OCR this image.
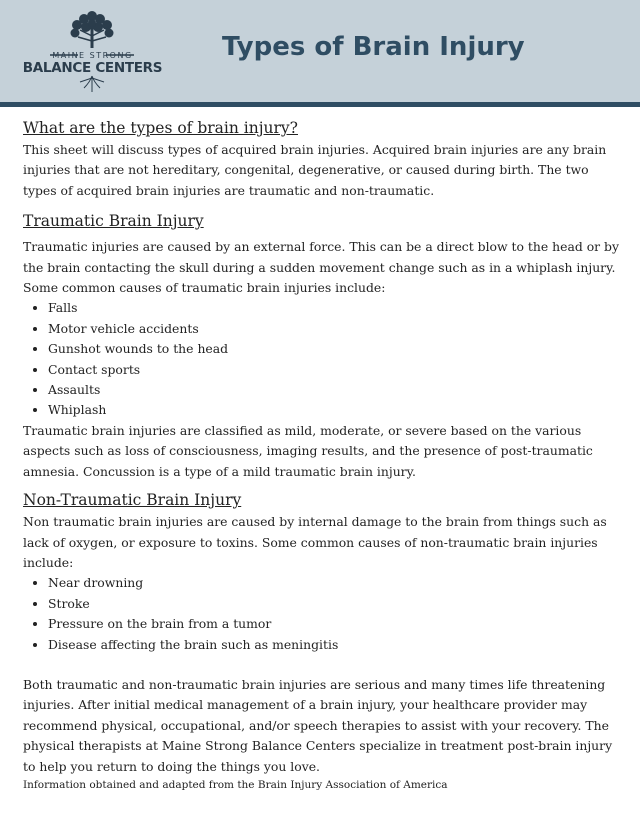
MAINE STRONG
BALANCE CENTERS
Types of Brain Injury
What are the types of brain injury?

This sheet will discuss types of acquired brain injuries. Acquired brain injuries are any brain injuries that are not hereditary, congenital, degenerative, or caused during birth. The two types of acquired brain injuries are traumatic and non-traumatic.

Traumatic Brain Injury

Traumatic injuries are caused by an external force. This can be a direct blow to the head or by the brain contacting the skull during a sudden movement change such as in a whiplash injury.

Some common causes of traumatic brain injuries include:

• Falls
• Motor vehicle accidents
• Gunshot wounds to the head
• Contact sports
• Assaults
• Whiplash

Traumatic brain injuries are classified as mild, moderate, or severe based on the various aspects such as loss of consciousness, imaging results, and the presence of post-traumatic amnesia. Concussion is a type of a mild traumatic brain injury.

Non-Traumatic Brain Injury

Non traumatic brain injuries are caused by internal damage to the brain from things such as lack of oxygen, or exposure to toxins. Some common causes of non-traumatic brain injuries include:

• Near drowning
• Stroke
• Pressure on the brain from a tumor
• Disease affecting the brain such as meningitis

Both traumatic and non-traumatic brain injuries are serious and many times life threatening injuries. After initial medical management of a brain injury, your healthcare provider may recommend physical, occupational, and/or speech therapies to assist with your recovery. The physical therapists at Maine Strong Balance Centers specialize in treatment post-brain injury to help you return to doing the things you love.

Information obtained and adapted from the Brain Injury Association of America
